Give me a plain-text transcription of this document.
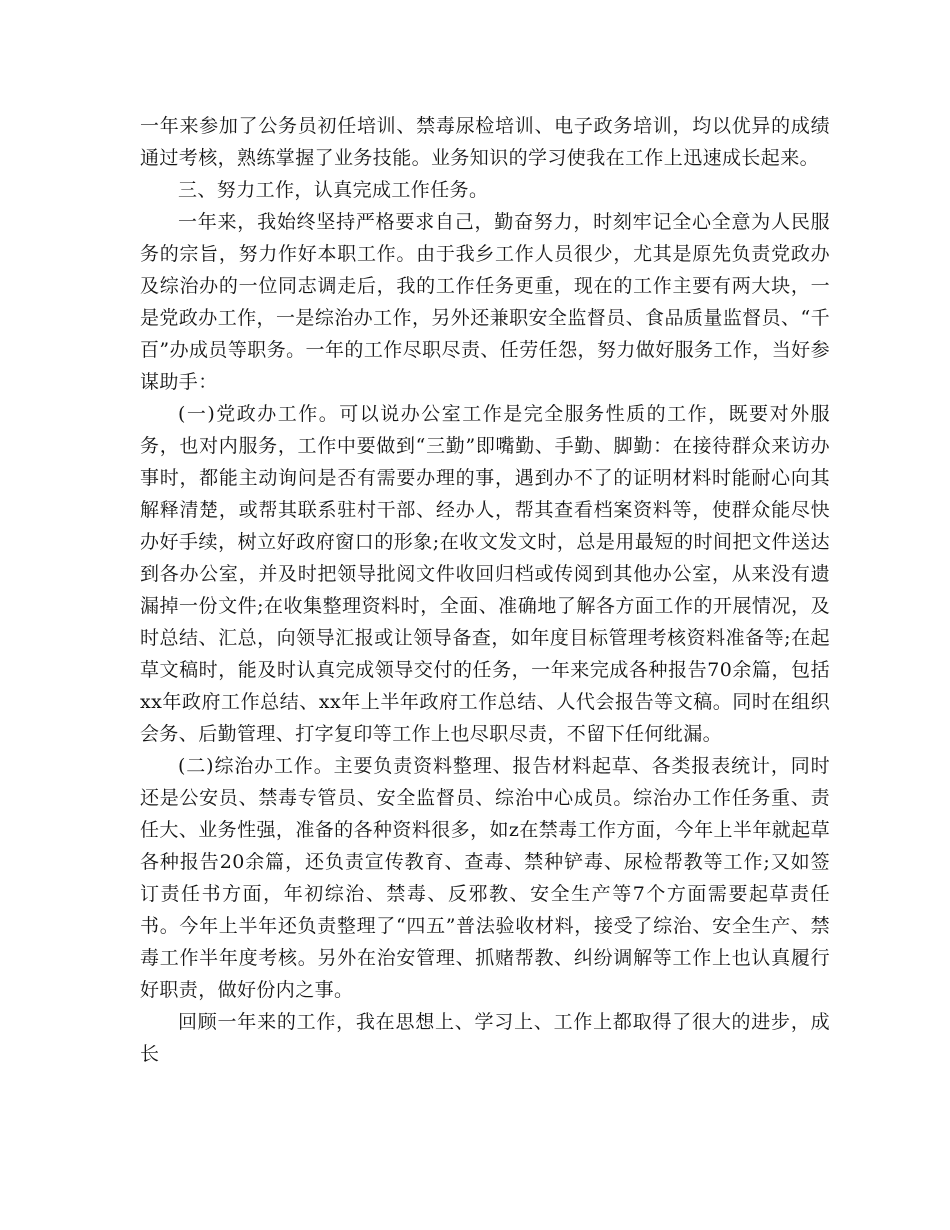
一年来参加了公务员初任培训、禁毒尿检培训、电子政务培训，均以优异的成绩通过考核，熟练掌握了业务技能。业务知识的学习使我在工作上迅速成长起来。

三、努力工作，认真完成工作任务。

一年来，我始终坚持严格要求自己，勤奋努力，时刻牢记全心全意为人民服务的宗旨，努力作好本职工作。由于我乡工作人员很少，尤其是原先负责党政办及综治办的一位同志调走后，我的工作任务更重，现在的工作主要有两大块，一是党政办工作，一是综治办工作，另外还兼职安全监督员、食品质量监督员、“千百”办成员等职务。一年的工作尽职尽责、任劳任怨，努力做好服务工作，当好参谋助手：

(一)党政办工作。可以说办公室工作是完全服务性质的工作，既要对外服务，也对内服务，工作中要做到“三勤”即嘴勤、手勤、脚勤：在接待群众来访办事时，都能主动询问是否有需要办理的事，遇到办不了的证明材料时能耐心向其解释清楚，或帮其联系驻村干部、经办人，帮其查看档案资料等，使群众能尽快办好手续，树立好政府窗口的形象;在收文发文时，总是用最短的时间把文件送达到各办公室，并及时把领导批阅文件收回归档或传阅到其他办公室，从来没有遗漏掉一份文件;在收集整理资料时，全面、准确地了解各方面工作的开展情况，及时总结、汇总，向领导汇报或让领导备查，如年度目标管理考核资料准备等;在起草文稿时，能及时认真完成领导交付的任务，一年来完成各种报告70余篇，包括xx年政府工作总结、xx年上半年政府工作总结、人代会报告等文稿。同时在组织会务、后勤管理、打字复印等工作上也尽职尽责，不留下任何纰漏。

(二)综治办工作。主要负责资料整理、报告材料起草、各类报表统计，同时还是公安员、禁毒专管员、安全监督员、综治中心成员。综治办工作任务重、责任大、业务性强，准备的各种资料很多，如z在禁毒工作方面，今年上半年就起草各种报告20余篇，还负责宣传教育、查毒、禁种铲毒、尿检帮教等工作;又如签订责任书方面，年初综治、禁毒、反邪教、安全生产等7个方面需要起草责任书。今年上半年还负责整理了“四五”普法验收材料，接受了综治、安全生产、禁毒工作半年度考核。另外在治安管理、抓赌帮教、纠纷调解等工作上也认真履行好职责，做好份内之事。

回顾一年来的工作，我在思想上、学习上、工作上都取得了很大的进步，成长
